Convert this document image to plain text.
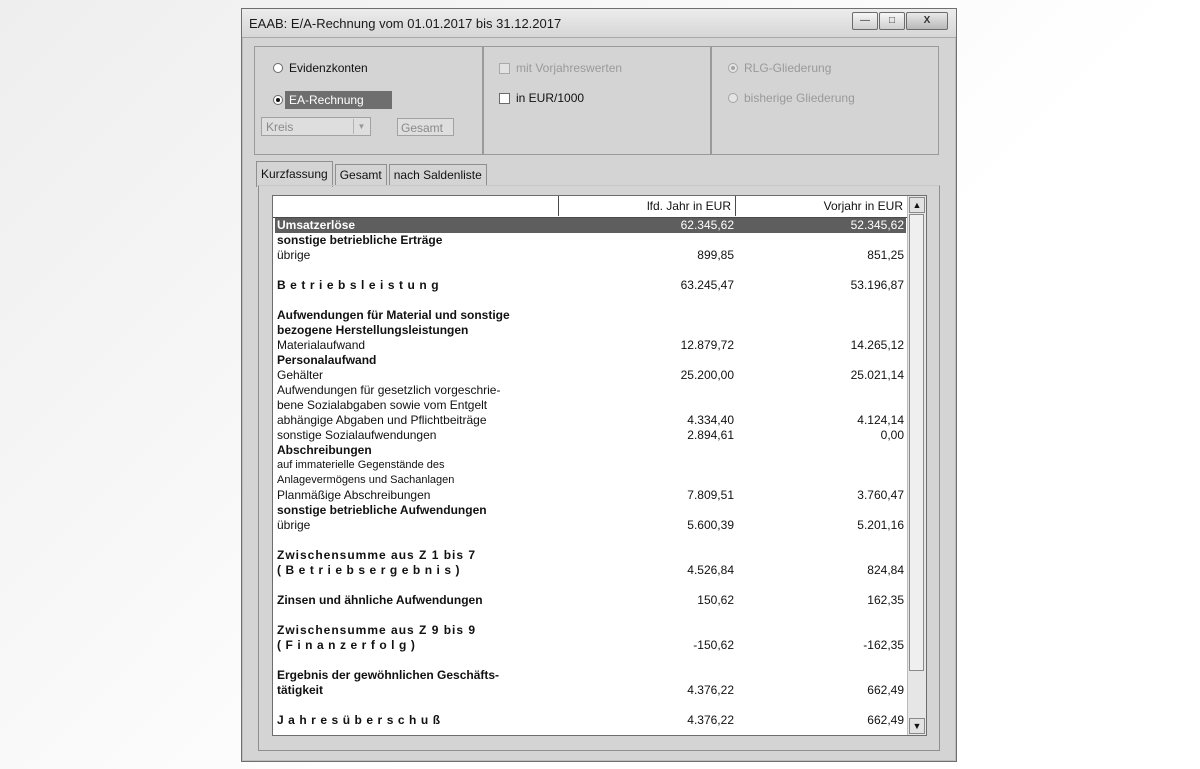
EAAB: E/A-Rechnung vom 01.01.2017 bis 31.12.2017	—	□	X
Evidenzkonten
EA-Rechnung
Kreis	▼	Gesamt
mit Vorjahreswerten
in EUR/1000
RLG-Gliederung
bisherige Gliederung
Kurzfassung	Gesamt	nach Saldenliste
lfd. Jahr in EUR	Vorjahr in EUR
Umsatzerlöse	62.345,62	52.345,62
sonstige betriebliche Erträge
übrige	899,85	851,25
Betriebsleistung	63.245,47	53.196,87
Aufwendungen für Material und sonstige
bezogene Herstellungsleistungen
Materialaufwand	12.879,72	14.265,12
Personalaufwand
Gehälter	25.200,00	25.021,14
Aufwendungen für gesetzlich vorgeschrie-
bene Sozialabgaben sowie vom Entgelt
abhängige Abgaben und Pflichtbeiträge	4.334,40	4.124,14
sonstige Sozialaufwendungen	2.894,61	0,00
Abschreibungen
auf immaterielle Gegenstände des
Anlagevermögens und Sachanlagen
Planmäßige Abschreibungen	7.809,51	3.760,47
sonstige betriebliche Aufwendungen
übrige	5.600,39	5.201,16
Zwischensumme aus Z 1 bis 7
(Betriebsergebnis)	4.526,84	824,84
Zinsen und ähnliche Aufwendungen	150,62	162,35
Zwischensumme aus Z 9 bis 9
(Finanzerfolg)	-150,62	-162,35
Ergebnis der gewöhnlichen Geschäfts-
tätigkeit	4.376,22	662,49
Jahresüberschuß	4.376,22	662,49
▲
▼
